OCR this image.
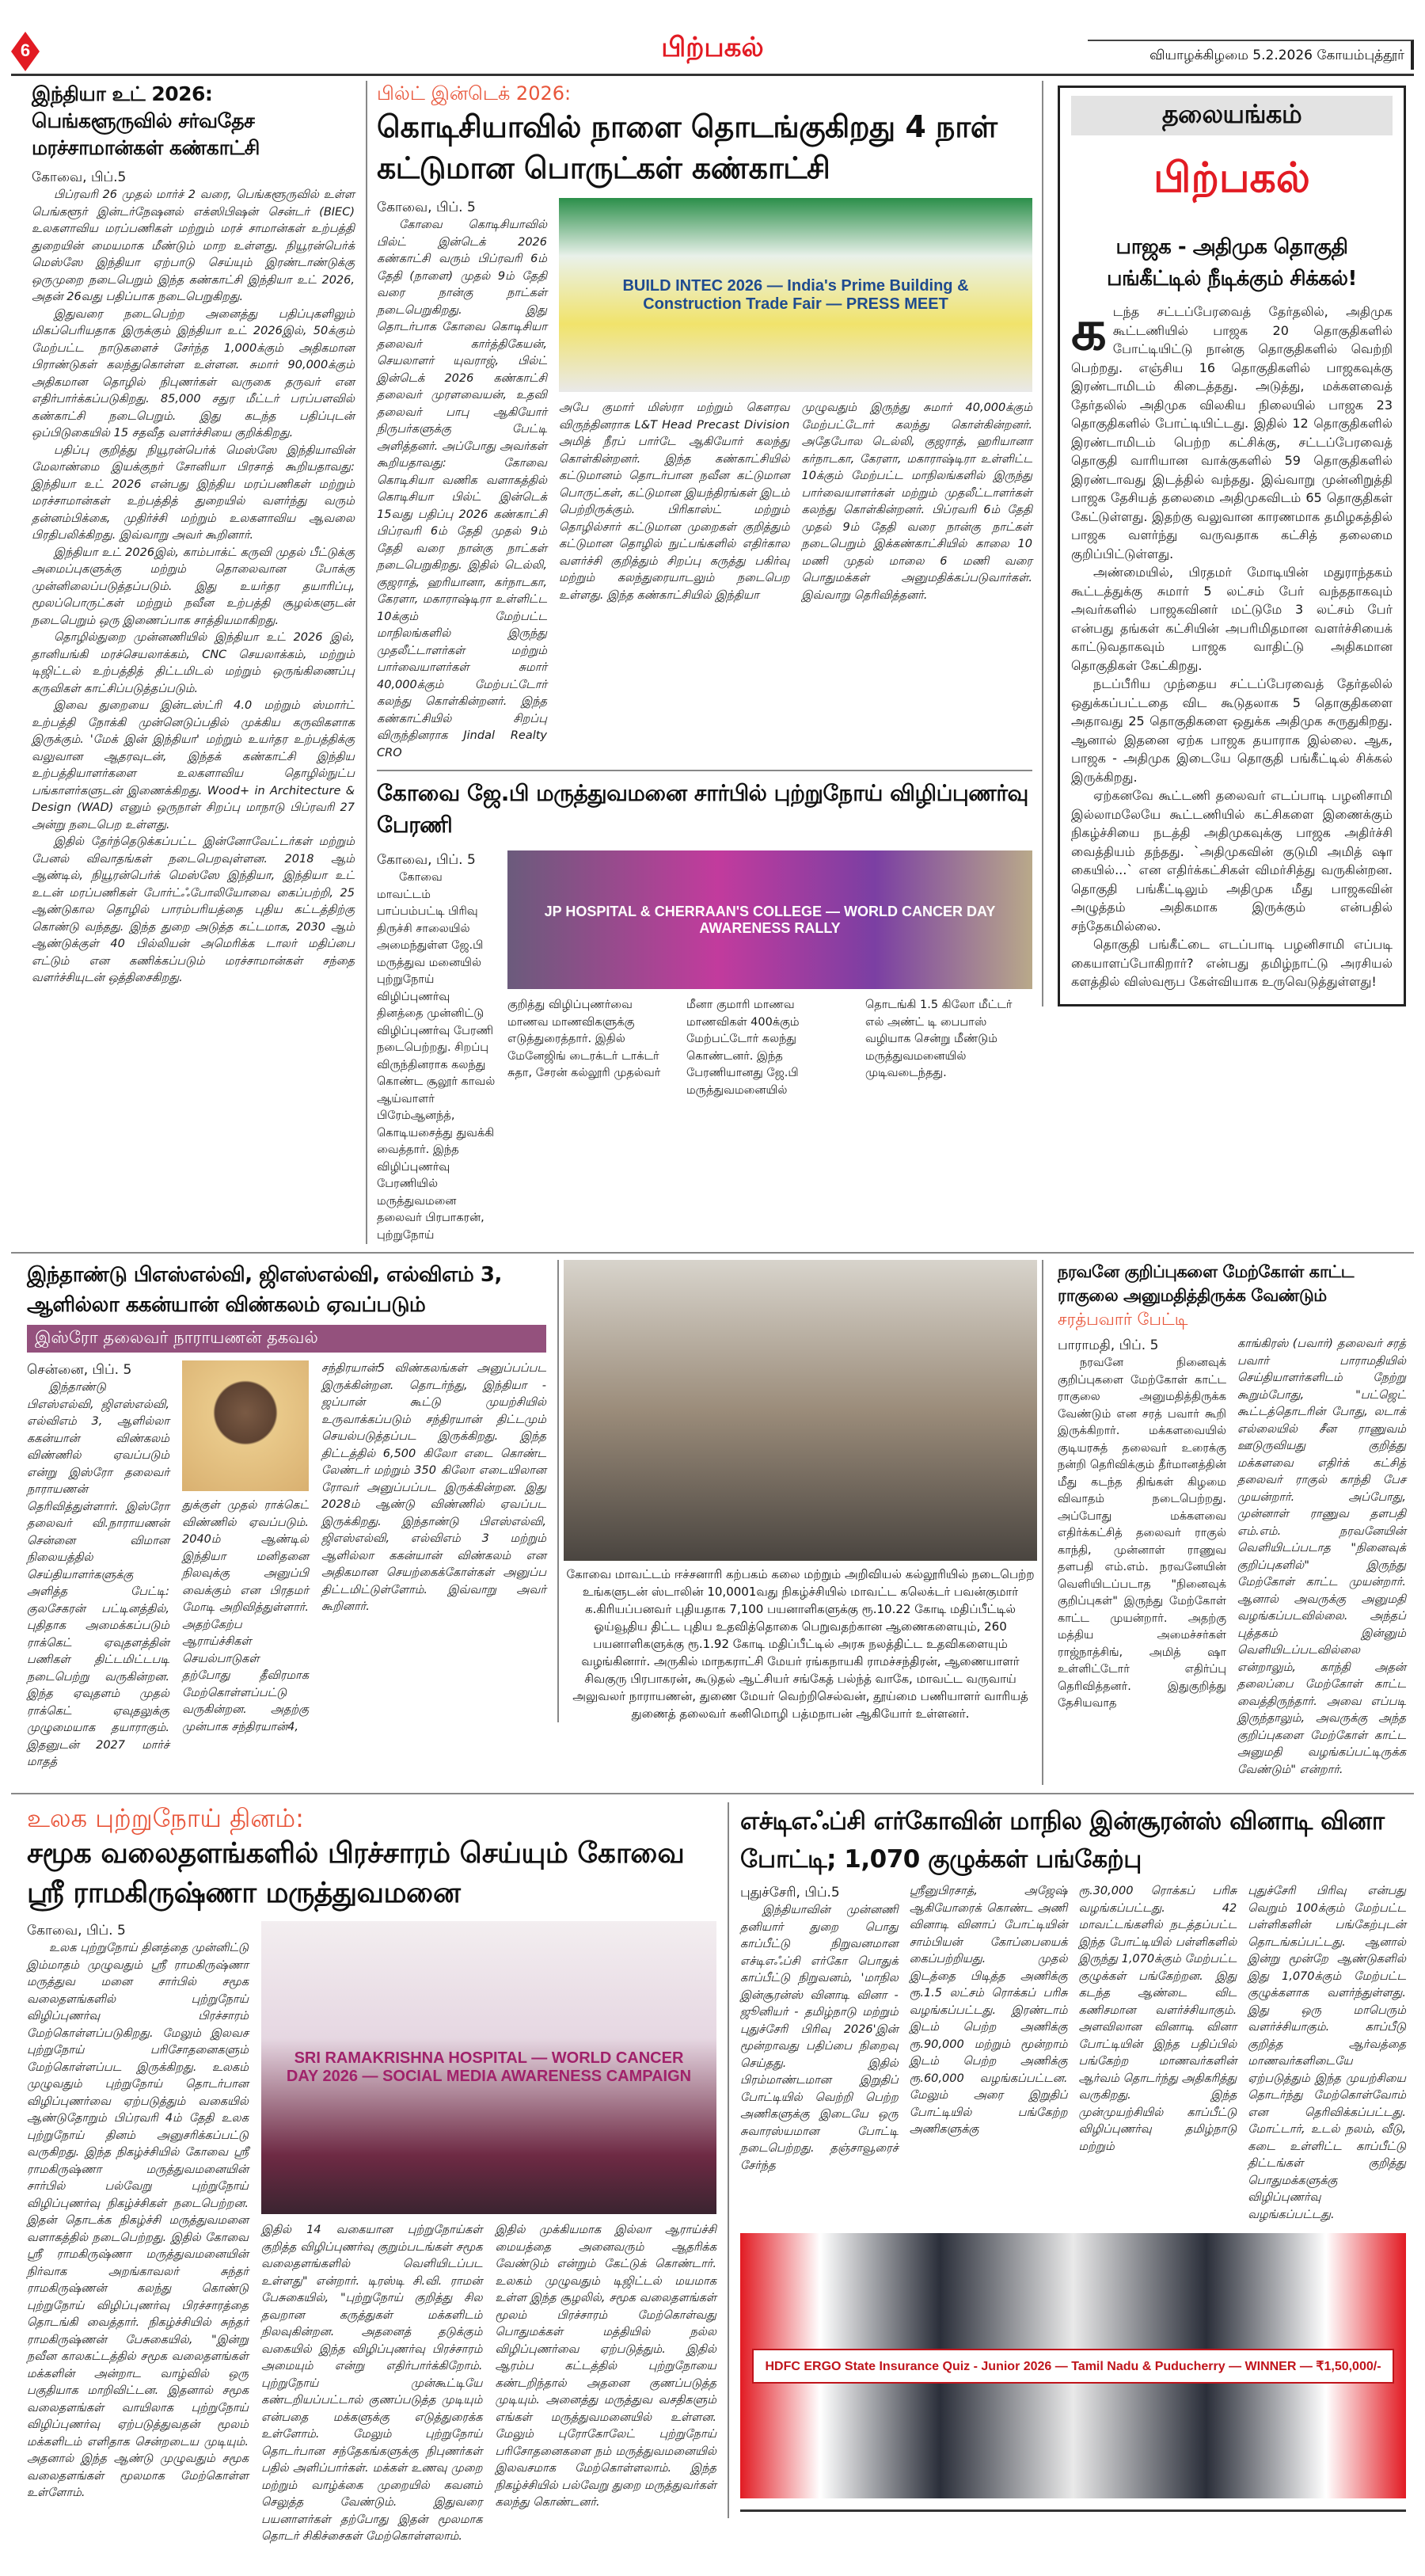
6	பிற்பகல்	வியாழக்கிழமை 5.2.2026 கோயம்புத்தூர்
இந்தியா உட் 2026: பெங்களூருவில் சர்வதேச மரச்சாமான்கள் கண்காட்சி
கோவை, பிப்.5

பிப்ரவரி 26 முதல் மார்ச் 2 வரை, பெங்களூருவில் உள்ள பெங்களூர் இன்டர்நேஷனல் எக்ஸிபிஷன் சென்டர் (BIEC) உலகளாவிய மரப்பணிகள் மற்றும் மரச் சாமான்கள் உற்பத்தி துறையின் மையமாக மீண்டும் மாற உள்ளது. நியூரன்பெர்க் மெஸ்ஸே இந்தியா ஏற்பாடு செய்யும் இரண்டாண்டுக்கு ஒருமுறை நடைபெறும் இந்த கண்காட்சி இந்தியா உட் 2026, அதன் 26வது பதிப்பாக நடைபெறுகிறது.

இதுவரை நடைபெற்ற அனைத்து பதிப்புகளிலும் மிகப்பெரியதாக இருக்கும் இந்தியா உட் 2026இல், 50க்கும் மேற்பட்ட நாடுகளைச் சேர்ந்த 1,000க்கும் அதிகமான பிராண்டுகள் கலந்துகொள்ள உள்ளன. சுமார் 90,000க்கும் அதிகமான தொழில் நிபுணர்கள் வருகை தருவர் என எதிர்பார்க்கப்படுகிறது. 85,000 சதுர மீட்டர் பரப்பளவில் கண்காட்சி நடைபெறும். இது கடந்த பதிப்புடன் ஒப்பிடுகையில் 15 சதவீத வளர்ச்சியை குறிக்கிறது.

பதிப்பு குறித்து நியூரன்பெர்க் மெஸ்ஸே இந்தியாவின் மேலாண்மை இயக்குநர் சோனியா பிரசாத் கூறியதாவது: இந்தியா உட் 2026 என்பது இந்திய மரப்பணிகள் மற்றும் மரச்சாமான்கள் உற்பத்தித் துறையில் வளர்ந்து வரும் தன்னம்பிக்கை, முதிர்ச்சி மற்றும் உலகளாவிய ஆவலை பிரதிபலிக்கிறது. இவ்வாறு அவர் கூறினார்.

இந்தியா உட் 2026இல், காம்பாக்ட் கருவி முதல் பீட்டுக்கு அமைப்புகளுக்கு மற்றும் தொலைவான போக்கு முன்னிலைப்படுத்தப்படும். இது உயர்தர தயாரிப்பு, மூலப்பொருட்கள் மற்றும் நவீன உற்பத்தி சூழல்களுடன் நடைபெறும் ஒரு இணைப்பாக சாத்தியமாகிறது.

தொழில்துறை முன்னணியில் இந்தியா உட் 2026 இல், தானியங்கி மரச்செயலாக்கம், CNC செயலாக்கம், மற்றும் டிஜிட்டல் உற்பத்தித் திட்டமிடல் மற்றும் ஒருங்கிணைப்பு கருவிகள் காட்சிப்படுத்தப்படும்.

இவை துறையை இன்டஸ்ட்ரி 4.0 மற்றும் ஸ்மார்ட் உற்பத்தி நோக்கி முன்னெடுப்பதில் முக்கிய கருவிகளாக இருக்கும். 'மேக் இன் இந்தியா' மற்றும் உயர்தர உற்பத்திக்கு வலுவான ஆதரவுடன், இந்தக் கண்காட்சி இந்திய உற்பத்தியாளர்களை உலகளாவிய தொழில்நுட்ப பங்காளர்களுடன் இணைக்கிறது. Wood+ in Architecture & Design (WAD) எனும் ஒருநாள் சிறப்பு மாநாடு பிப்ரவரி 27 அன்று நடைபெற உள்ளது.

இதில் தேர்ந்தெடுக்கப்பட்ட இன்னோவேட்டர்கள் மற்றும் பேனல் விவாதங்கள் நடைபெறவுள்ளன. 2018 ஆம் ஆண்டில், நியூரன்பெர்க் மெஸ்ஸே இந்தியா, இந்தியா உட் உடன் மரப்பணிகள் போர்ட்ஃபோலியோவை கைப்பற்றி, 25 ஆண்டுகால தொழில் பாரம்பரியத்தை புதிய கட்டத்திற்கு கொண்டு வந்தது. இந்த துறை அடுத்த கட்டமாக, 2030 ஆம் ஆண்டுக்குள் 40 பில்லியன் அமெரிக்க டாலர் மதிப்பை எட்டும் என கணிக்கப்படும் மரச்சாமான்கள் சந்தை வளர்ச்சியுடன் ஒத்திசைகிறது.

பில்ட் இன்டெக் 2026:
கொடிசியாவில் நாளை தொடங்குகிறது 4 நாள் கட்டுமான பொருட்கள் கண்காட்சி
கோவை, பிப். 5

கோவை கொடிசியாவில் பில்ட் இன்டெக் 2026 கண்காட்சி வரும் பிப்ரவரி 6ம் தேதி (நாளை) முதல் 9ம் தேதி வரை நான்கு நாட்கள் நடைபெறுகிறது. இது தொடர்பாக கோவை கொடிசியா தலைவர் கார்த்திகேயன், செயலாளர் யுவராஜ், பில்ட் இன்டெக் 2026 கண்காட்சி தலைவர் முரளவையன், உதவி தலைவர் பாபு ஆகியோர் நிருபர்களுக்கு பேட்டி அளித்தனர். அப்போது அவர்கள் கூறியதாவது: கோவை கொடிசியா வணிக வளாகத்தில் கொடிசியா பில்ட் இன்டெக் 15வது பதிப்பு 2026 கண்காட்சி பிப்ரவரி 6ம் தேதி முதல் 9ம் தேதி வரை நான்கு நாட்கள் நடைபெறுகிறது. இதில் டெல்லி, குஜராத், ஹரியானா, கர்நாடகா, கேரளா, மகாராஷ்டிரா உள்ளிட்ட 10க்கும் மேற்பட்ட மாநிலங்களில் இருந்து முதலீட்டாளர்கள் மற்றும் பார்வையாளர்கள் சுமார் 40,000க்கும் மேற்பட்டோர் கலந்து கொள்கின்றனர். இந்த கண்காட்சியில் சிறப்பு விருந்தினராக Jindal Realty CRO

BUILD INTEC 2026 — India's Prime Building & Construction Trade Fair — PRESS MEET

அபே குமார் மிஸ்ரா மற்றும் கௌரவ விருந்தினராக L&T Head Precast Division அமித் நீரப் பார்டே ஆகியோர் கலந்து கொள்கின்றனர். இந்த கண்காட்சியில் கட்டுமானம் தொடர்பான நவீன கட்டுமான பொருட்கள், கட்டுமான இயந்திரங்கள் இடம் பெற்றிருக்கும். பிரிகாஸ்ட் மற்றும் தொழில்சார் கட்டுமான முறைகள் குறித்தும் கட்டுமான தொழில் நுட்பங்களில் எதிர்கால வளர்ச்சி குறித்தும் சிறப்பு கருத்து பகிர்வு மற்றும் கலந்துரையாடலும் நடைபெற உள்ளது. இந்த கண்காட்சியில் இந்தியா

முழுவதும் இருந்து சுமார் 40,000க்கும் மேற்பட்டோர் கலந்து கொள்கின்றனர். அதேபோல டெல்லி, குஜராத், ஹரியானா கர்நாடகா, கேரளா, மகாராஷ்டிரா உள்ளிட்ட 10க்கும் மேற்பட்ட மாநிலங்களில் இருந்து பார்வையாளர்கள் மற்றும் முதலீட்டாளர்கள் கலந்து கொள்கின்றனர். பிப்ரவரி 6ம் தேதி முதல் 9ம் தேதி வரை நான்கு நாட்கள் நடைபெறும் இக்கண்காட்சியில் காலை 10 மணி முதல் மாலை 6 மணி வரை பொதுமக்கள் அனுமதிக்கப்படுவார்கள். இவ்வாறு தெரிவித்தனர்.

கோவை ஜே.பி மருத்துவமனை சார்பில் புற்றுநோய் விழிப்புணர்வு பேரணி
கோவை, பிப். 5

கோவை மாவட்டம் பாப்பம்பட்டி பிரிவு திருச்சி சாலையில் அமைந்துள்ள ஜே.பி மருத்துவ மனையில் புற்றுநோய் விழிப்புணர்வு தினத்தை முன்னிட்டு விழிப்புணர்வு பேரணி நடைபெற்றது. சிறப்பு விருந்தினராக கலந்து கொண்ட சூலூர் காவல் ஆய்வாளர் பிரேம்ஆனந்த், கொடியசைத்து துவக்கி வைத்தார். இந்த விழிப்புணர்வு பேரணியில் மருத்துவமனை தலைவர் பிரபாகரன், புற்றுநோய்

JP HOSPITAL & CHERRAAN'S COLLEGE — WORLD CANCER DAY AWARENESS RALLY

குறித்து விழிப்புணர்வை மாணவ மாணவிகளுக்கு எடுத்துரைத்தார். இதில் மேனேஜிங் டைரக்டர் டாக்டர் சுதா, சேரன் கல்லூரி முதல்வர்

மீனா குமாரி மாணவ மாணவிகள் 400க்கும் மேற்பட்டோர் கலந்து கொண்டனர். இந்த பேரணியானது ஜே.பி மருத்துவமனையில்

தொடங்கி 1.5 கிலோ மீட்டர் எல் அண்ட் டி பைபாஸ் வழியாக சென்று மீண்டும் மருத்துவமனையில் முடிவடைந்தது.

தலையங்கம்
பிற்பகல்
பாஜக - அதிமுக தொகுதி பங்கீட்டில் நீடிக்கும் சிக்கல்!

கடந்த சட்டப்பேரவைத் தேர்தலில், அதிமுக கூட்டணியில் பாஜக 20 தொகுதிகளில் போட்டியிட்டு நான்கு தொகுதிகளில் வெற்றி பெற்றது. எஞ்சிய 16 தொகுதிகளில் பாஜகவுக்கு இரண்டாமிடம் கிடைத்தது. அடுத்து, மக்களவைத் தேர்தலில் அதிமுக விலகிய நிலையில் பாஜக 23 தொகுதிகளில் போட்டியிட்டது. இதில் 12 தொகுதிகளில் இரண்டாமிடம் பெற்ற கட்சிக்கு, சட்டப்பேரவைத் தொகுதி வாரியான வாக்குகளில் 59 தொகுதிகளில் இரண்டாவது இடத்தில் வந்தது. இவ்வாறு முன்னிறுத்தி பாஜக தேசியத் தலைமை அதிமுகவிடம் 65 தொகுதிகள் கேட்டுள்ளது. இதற்கு வலுவான காரணமாக தமிழகத்தில் பாஜக வளர்ந்து வருவதாக கட்சித் தலைமை குறிப்பிட்டுள்ளது.

அண்மையில், பிரதமர் மோடியின் மதுராந்தகம் கூட்டத்துக்கு சுமார் 5 லட்சம் பேர் வந்ததாகவும் அவர்களில் பாஜகவினர் மட்டுமே 3 லட்சம் பேர் என்பது தங்கள் கட்சியின் அபரிமிதமான வளர்ச்சியைக் காட்டுவதாகவும் பாஜக வாதிட்டு அதிகமான தொகுதிகள் கேட்கிறது.

நடப்பீரிய முந்தைய சட்டப்பேரவைத் தேர்தலில் ஒதுக்கப்பட்டதை விட கூடுதலாக 5 தொகுதிகளை அதாவது 25 தொகுதிகளை ஒதுக்க அதிமுக சுருதுகிறது. ஆனால் இதனை ஏற்க பாஜக தயாராக இல்லை. ஆக, பாஜக - அதிமுக இடையே தொகுதி பங்கீட்டில் சிக்கல் இருக்கிறது.

ஏற்கனவே கூட்டணி தலைவர் எடப்பாடி பழனிசாமி இல்லாமலேயே கூட்டணியில் கட்சிகளை இணைக்கும் நிகழ்ச்சியை நடத்தி அதிமுகவுக்கு பாஜக அதிர்ச்சி வைத்தியம் தந்தது. `அதிமுகவின் குடுமி அமித் ஷா கையில்...` என எதிர்க்கட்சிகள் விமர்சித்து வருகின்றன. தொகுதி பங்கீட்டிலும் அதிமுக மீது பாஜகவின் அழுத்தம் அதிகமாக இருக்கும் என்பதில் சந்தேகமில்லை.

தொகுதி பங்கீட்டை எடப்பாடி பழனிசாமி எப்படி கையாளப்போகிறார்? என்பது தமிழ்நாட்டு அரசியல் களத்தில் விஸ்வரூப கேள்வியாக உருவெடுத்துள்ளது!

இந்தாண்டு பிஎஸ்எல்வி, ஜிஎஸ்எல்வி, எல்விஎம் 3, ஆளில்லா ககன்யான் விண்கலம் ஏவப்படும்
இஸ்ரோ தலைவர் நாராயணன் தகவல்
சென்னை, பிப். 5

இந்தாண்டு பிஎஸ்எல்வி, ஜிஎஸ்எல்வி, எல்விஎம் 3, ஆளில்லா ககன்யான் விண்கலம் விண்ணில் ஏவப்படும் என்று இஸ்ரோ தலைவர் நாராயணன் தெரிவித்துள்ளார். இஸ்ரோ தலைவர் வி.நாராயணன் சென்னை விமான நிலையத்தில் செய்தியாளர்களுக்கு அளித்த பேட்டி: குலசேகரன் பட்டினத்தில், புதிதாக அமைக்கப்படும் ராக்கெட் ஏவுதளத்தின் பணிகள் திட்டமிட்டபடி நடைபெற்று வருகின்றன. இந்த ஏவுதளம் முதல் ராக்கெட் ஏவுதலுக்கு முழுமையாக தயாராகும். இதனுடன் 2027 மார்ச் மாதத்

துக்குள் முதல் ராக்கெட் விண்ணில் ஏவப்படும். 2040ம் ஆண்டில் இந்தியா மனிதனை நிலவுக்கு அனுப்பி வைக்கும் என பிரதமர் மோடி அறிவித்துள்ளார். அதற்கேற்ப ஆராய்ச்சிகள் செயல்பாடுகள் தற்போது தீவிரமாக மேற்கொள்ளப்பட்டு வருகின்றன. அதற்கு முன்பாக சந்திரயான்4,

சந்திரயான்5 விண்கலங்கள் அனுப்பப்பட இருக்கின்றன. தொடர்ந்து, இந்தியா - ஜப்பான் கூட்டு முயற்சியில் உருவாக்கப்படும் சந்திரயான் திட்டமும் செயல்படுத்தப்பட இருக்கிறது. இந்த திட்டத்தில் 6,500 கிலோ எடை கொண்ட லேண்டர் மற்றும் 350 கிலோ எடையிலான ரோவர் அனுப்பப்பட இருக்கின்றன. இது 2028ம் ஆண்டு விண்ணில் ஏவப்பட இருக்கிறது. இந்தாண்டு பிஎஸ்எல்வி, ஜிஎஸ்எல்வி, எல்விஎம் 3 மற்றும் ஆளில்லா ககன்யான் விண்கலம் என அதிகமான செயற்கைக்கோள்கள் அனுப்ப திட்டமிட்டுள்ளோம். இவ்வாறு அவர் கூறினார்.

கோவை மாவட்டம் ஈச்சனாரி கற்பகம் கலை மற்றும் அறிவியல் கல்லூரியில் நடைபெற்ற உங்களுடன் ஸ்டாலின் 10,0001வது நிகழ்ச்சியில் மாவட்ட கலெக்டர் பவன்குமார் க.கிரியப்பனவர் புதியதாக 7,100 பயனாளிகளுக்கு ரூ.10.22 கோடி மதிப்பீட்டில் ஓய்வூதிய திட்ட புதிய உதவித்தொகை பெறுவதற்கான ஆணைகளையும், 260 பயனாளிகளுக்கு ரூ.1.92 கோடி மதிப்பீட்டில் அரசு நலத்திட்ட உதவிகளையும் வழங்கினார். அருகில் மாநகராட்சி மேயர் ரங்கநாயகி ராமச்சந்திரன், ஆணையாளர் சிவகுரு பிரபாகரன், கூடுதல் ஆட்சியர் சங்கேத் பல்ந்த் வாகே, மாவட்ட வருவாய் அலுவலர் நாராயணன், துணை மேயர் வெற்றிசெல்வன், தூய்மை பணியாளர் வாரியத் துணைத் தலைவர் கனிமொழி பத்மநாபன் ஆகியோர் உள்ளனர்.

நரவனே குறிப்புகளை மேற்கோள் காட்ட ராகுலை அனுமதித்திருக்க வேண்டும்
சரத்பவார் பேட்டி
பாராமதி, பிப். 5

நரவனே நினைவுக் குறிப்புகளை மேற்கோள் காட்ட ராகுலை அனுமதித்திருக்க வேண்டும் என சரத் பவார் கூறி இருக்கிறார். மக்களவையில் குடியரசுத் தலைவர் உரைக்கு நன்றி தெரிவிக்கும் தீர்மானத்தின் மீது கடந்த திங்கள் கிழமை விவாதம் நடைபெற்றது. அப்போது மக்களவை எதிர்க்கட்சித் தலைவர் ராகுல் காந்தி, முன்னாள் ராணுவ தளபதி எம்.எம். நரவனேயின் வெளியிடப்படாத "நினைவுக் குறிப்புகள்" இருந்து மேற்கோள் காட்ட முயன்றார். அதற்கு மத்திய அமைச்சர்கள் ராஜ்நாத்சிங், அமித் ஷா உள்ளிட்டோர் எதிர்ப்பு தெரிவித்தனர். இதுகுறித்து தேசியவாத

காங்கிரஸ் (பவார்) தலைவர் சரத் பவார் பாராமதியில் செய்தியாளர்களிடம் நேற்று கூறும்போது, "பட்ஜெட் கூட்டத்தொடரின் போது, லடாக் எல்லையில் சீன ராணுவம் ஊடுருவியது குறித்து மக்களவை எதிர்க் கட்சித் தலைவர் ராகுல் காந்தி பேச முயன்றார். அப்போது, முன்னாள் ராணுவ தளபதி எம்.எம். நரவனேயின் வெளியிடப்படாத "நினைவுக் குறிப்புகளில்" இருந்து மேற்கோள் காட்ட முயன்றார். ஆனால் அவருக்கு அனுமதி வழங்கப்படவில்லை. அந்தப் புத்தகம் இன்னும் வெளியிடப்படவில்லை என்றாலும், காந்தி அதன் தலைப்பை மேற்கோள் காட்ட வைத்திருந்தார். அவை எப்படி இருந்தாலும், அவருக்கு அந்த குறிப்புகளை மேற்கோள் காட்ட அனுமதி வழங்கப்பட்டிருக்க வேண்டும்" என்றார்.

உலக புற்றுநோய் தினம்:
சமூக வலைதளங்களில் பிரச்சாரம் செய்யும் கோவை ஸ்ரீ ராமகிருஷ்ணா மருத்துவமனை
கோவை, பிப். 5

உலக புற்றுநோய் தினத்தை முன்னிட்டு இம்மாதம் முழுவதும் ஸ்ரீ ராமகிருஷ்ணா மருத்துவ மனை சார்பில் சமூக வலைதளங்களில் புற்றுநோய் விழிப்புணர்வு பிரச்சாரம் மேற்கொள்ளப்படுகிறது. மேலும் இலவச புற்றுநோய் பரிசோதனைகளும் மேற்கொள்ளப்பட இருக்கிறது. உலகம் முழுவதும் புற்றுநோய் தொடர்பான விழிப்புணர்வை ஏற்படுத்தும் வகையில் ஆண்டுதோறும் பிப்ரவரி 4ம் தேதி உலக புற்றுநோய் தினம் அனுசரிக்கப்பட்டு வருகிறது. இந்த நிகழ்ச்சியில் கோவை ஸ்ரீ ராமகிருஷ்ணா மருத்துவமனையின் சார்பில் பல்வேறு புற்றுநோய் விழிப்புணர்வு நிகழ்ச்சிகள் நடைபெற்றன. இதன் தொடக்க நிகழ்ச்சி மருத்துவமனை வளாகத்தில் நடைபெற்றது. இதில் கோவை ஸ்ரீ ராமகிருஷ்ணா மருத்துவமனையின் நிர்வாக அறங்காவலர் சுந்தர் ராமகிருஷ்ணன் கலந்து கொண்டு புற்றுநோய் விழிப்புணர்வு பிரச்சாரத்தை தொடங்கி வைத்தார். நிகழ்ச்சியில் சுந்தர் ராமகிருஷ்ணன் பேசுகையில், "இன்று நவீன காலகட்டத்தில் சமூக வலைதளங்கள் மக்களின் அன்றாட வாழ்வில் ஒரு பகுதியாக மாறிவிட்டன. இதனால் சமூக வலைதளங்கள் வாயிலாக புற்றுநோய் விழிப்புணர்வு ஏற்படுத்துவதன் மூலம் மக்களிடம் எளிதாக சென்றடைய முடியும். அதனால் இந்த ஆண்டு முழுவதும் சமூக வலைதளங்கள் மூலமாக மேற்கொள்ள உள்ளோம்.

SRI RAMAKRISHNA HOSPITAL — WORLD CANCER DAY 2026 — SOCIAL MEDIA AWARENESS CAMPAIGN

இதில் 14 வகையான புற்றுநோய்கள் குறித்த விழிப்புணர்வு குறும்படங்கள் சமூக வலைதளங்களில் வெளியிடப்பட உள்ளது" என்றார். டிரஸ்டி சி.வி. ராமன் பேசுகையில், "புற்றுநோய் குறித்து சில தவறான கருத்துகள் மக்களிடம் நிலவுகின்றன. அதனைத் தடுக்கும் வகையில் இந்த விழிப்புணர்வு பிரச்சாரம் அமையும் என்று எதிர்பார்க்கிறோம். புற்றுநோய் முன்கூட்டியே கண்டறியப்பட்டால் குணப்படுத்த முடியும் என்பதை மக்களுக்கு எடுத்துரைக்க உள்ளோம். மேலும் புற்றுநோய் தொடர்பான சந்தேகங்களுக்கு நிபுணர்கள் பதில் அளிப்பார்கள். மக்கள் உணவு முறை மற்றும் வாழ்க்கை முறையில் கவனம் செலுத்த வேண்டும். இதுவரை பயனாளர்கள் தற்போது இதன் மூலமாக தொடர் சிகிச்சைகள் மேற்கொள்ளலாம்.

இதில் முக்கியமாக இல்லா ஆராய்ச்சி மையத்தை அனைவரும் ஆதரிக்க வேண்டும் என்றும் கேட்டுக் கொண்டார். உலகம் முழுவதும் டிஜிட்டல் மயமாக உள்ள இந்த சூழலில், சமூக வலைதளங்கள் மூலம் பிரச்சாரம் மேற்கொள்வது பொதுமக்கள் மத்தியில் நல்ல விழிப்புணர்வை ஏற்படுத்தும். இதில் ஆரம்ப கட்டத்தில் புற்றுநோயை கண்டறிந்தால் அதனை குணப்படுத்த முடியும். அனைத்து மருத்துவ வசதிகளும் எங்கள் மருத்துவமனையில் உள்ளன. மேலும் புரோகோலேட் புற்றுநோய் பரிசோதனைகளை நம் மருத்துவமனையில் இலவசமாக மேற்கொள்ளலாம். இந்த நிகழ்ச்சியில் பல்வேறு துறை மருத்துவர்கள் கலந்து கொண்டனர்.

எச்டிஎஃப்சி எர்கோவின் மாநில இன்சூரன்ஸ் வினாடி வினா போட்டி; 1,070 குழுக்கள் பங்கேற்பு
புதுச்சேரி, பிப்.5

இந்தியாவின் முன்னணி தனியார் துறை பொது காப்பீட்டு நிறுவனமான எச்டிஎஃப்சி எர்கோ பொதுக் காப்பீட்டு நிறுவனம், 'மாநில இன்சூரன்ஸ் வினாடி வினா - ஜூனியர் - தமிழ்நாடு மற்றும் புதுச்சேரி பிரிவு 2026'இன் மூன்றாவது பதிப்பை நிறைவு செய்தது. இதில் பிரம்மாண்டமான இறுதிப் போட்டியில் வெற்றி பெற்ற அணிகளுக்கு இடையே ஒரு சுவாரஸ்யமான போட்டி நடைபெற்றது. தஞ்சாவூரைச் சேர்ந்த

ஸ்ரீனுபிரசாத், அஜேஷ் ஆகியோரைக் கொண்ட அணி வினாடி வினாப் போட்டியின் சாம்பியன் கோப்பையைக் கைப்பற்றியது. முதல் இடத்தை பிடித்த அணிக்கு ரூ.1.5 லட்சம் ரொக்கப் பரிசு வழங்கப்பட்டது. இரண்டாம் இடம் பெற்ற அணிக்கு ரூ.90,000 மற்றும் மூன்றாம் இடம் பெற்ற அணிக்கு ரூ.60,000 வழங்கப்பட்டன. மேலும் அரை இறுதிப் போட்டியில் பங்கேற்ற அணிகளுக்கு

ரூ.30,000 ரொக்கப் பரிசு வழங்கப்பட்டது. 42 மாவட்டங்களில் நடத்தப்பட்ட இந்த போட்டியில் பள்ளிகளில் இருந்து 1,070க்கும் மேற்பட்ட குழுக்கள் பங்கேற்றன. இது கடந்த ஆண்டை விட கணிசமான வளர்ச்சியாகும். அளவிலான வினாடி வினா போட்டியின் இந்த பதிப்பில் பங்கேற்ற மாணவர்களின் ஆர்வம் தொடர்ந்து அதிகரித்து வருகிறது. இந்த முன்முயற்சியில் காப்பீட்டு விழிப்புணர்வு தமிழ்நாடு மற்றும்

புதுச்சேரி பிரிவு என்பது வெறும் 100க்கும் மேற்பட்ட பள்ளிகளின் பங்கேற்புடன் தொடங்கப்பட்டது. ஆனால் இன்று மூன்றே ஆண்டுகளில் இது 1,070க்கும் மேற்பட்ட குழுக்களாக வளர்ந்துள்ளது. இது ஒரு மாபெரும் வளர்ச்சியாகும். காப்பீடு குறித்த ஆர்வத்தை மாணவர்களிடையே ஏற்படுத்தும் இந்த முயற்சியை தொடர்ந்து மேற்கொள்வோம் என தெரிவிக்கப்பட்டது. மோட்டார், உடல் நலம், வீடு, கடை உள்ளிட்ட காப்பீட்டு திட்டங்கள் குறித்து பொதுமக்களுக்கு விழிப்புணர்வு வழங்கப்பட்டது.

HDFC ERGO State Insurance Quiz - Junior 2026 — Tamil Nadu & Puducherry — WINNER — ₹1,50,000/-
